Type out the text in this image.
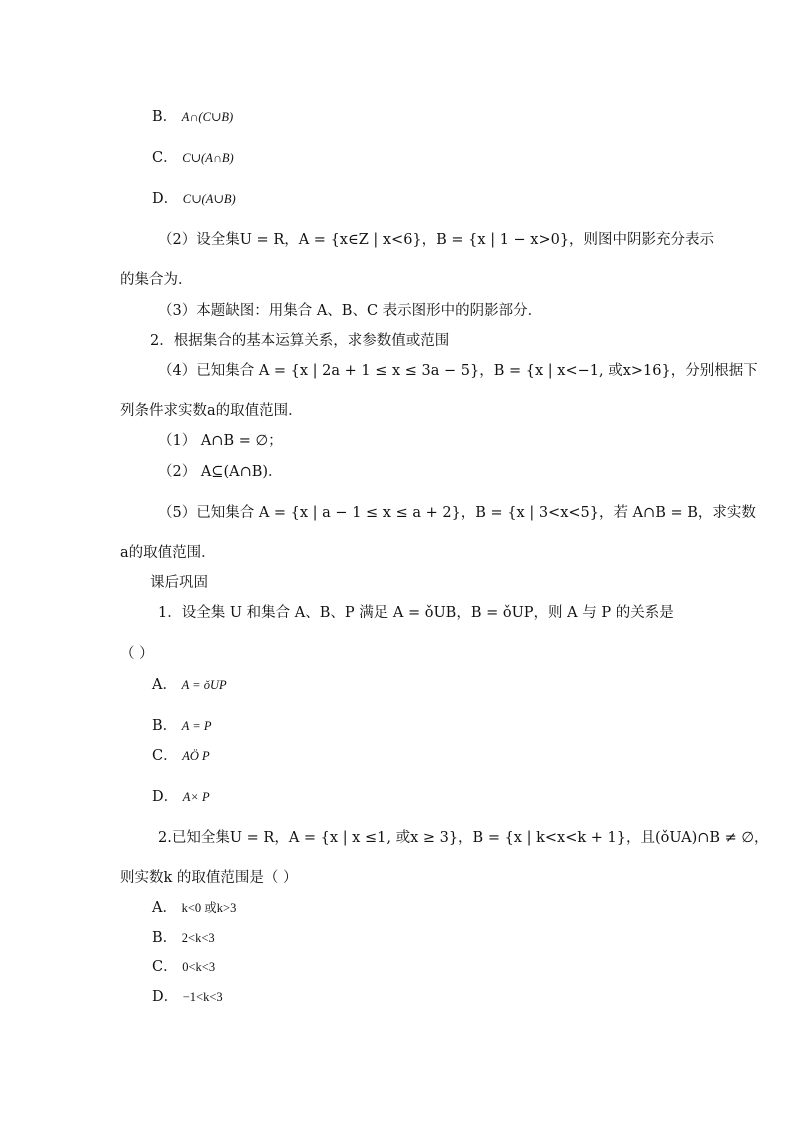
B． A∩(C∪B)
C． C∪(A∩B)
D． C∪(A∪B)
（2）设全集U = R，A = {x∈Z | x<6}，B = {x | 1 − x>0}，则图中阴影充分表示
的集合为．
（3）本题缺图：用集合 A、B、C 表示图形中的阴影部分．
2．根据集合的基本运算关系，求参数值或范围
（4）已知集合 A = {x | 2a + 1 ≤ x ≤ 3a − 5}，B = {x | x<−1, 或x>16}，分别根据下
列条件求实数a的取值范围．
（1） A∩B = ∅；
（2） A⊆(A∩B)．
（5）已知集合 A = {x | a − 1 ≤ x ≤ a + 2}，B = {x | 3<x<5}，若 A∩B = B，求实数
a的取值范围．
课后巩固
1．设全集 U 和集合 A、B、P 满足 A = ǒUB，B = ǒUP，则 A 与 P 的关系是
（ ）
A． A = ǒUP
B． A = P
C． AÖ P
D． A× P
2.已知全集U = R，A = {x | x ≤1, 或x ≥ 3}，B = {x | k<x<k + 1}，且(ǒUA)∩B ≠ ∅，
则实数k 的取值范围是（ ）
A． k<0 或k>3
B． 2<k<3
C． 0<k<3
D． −1<k<3
